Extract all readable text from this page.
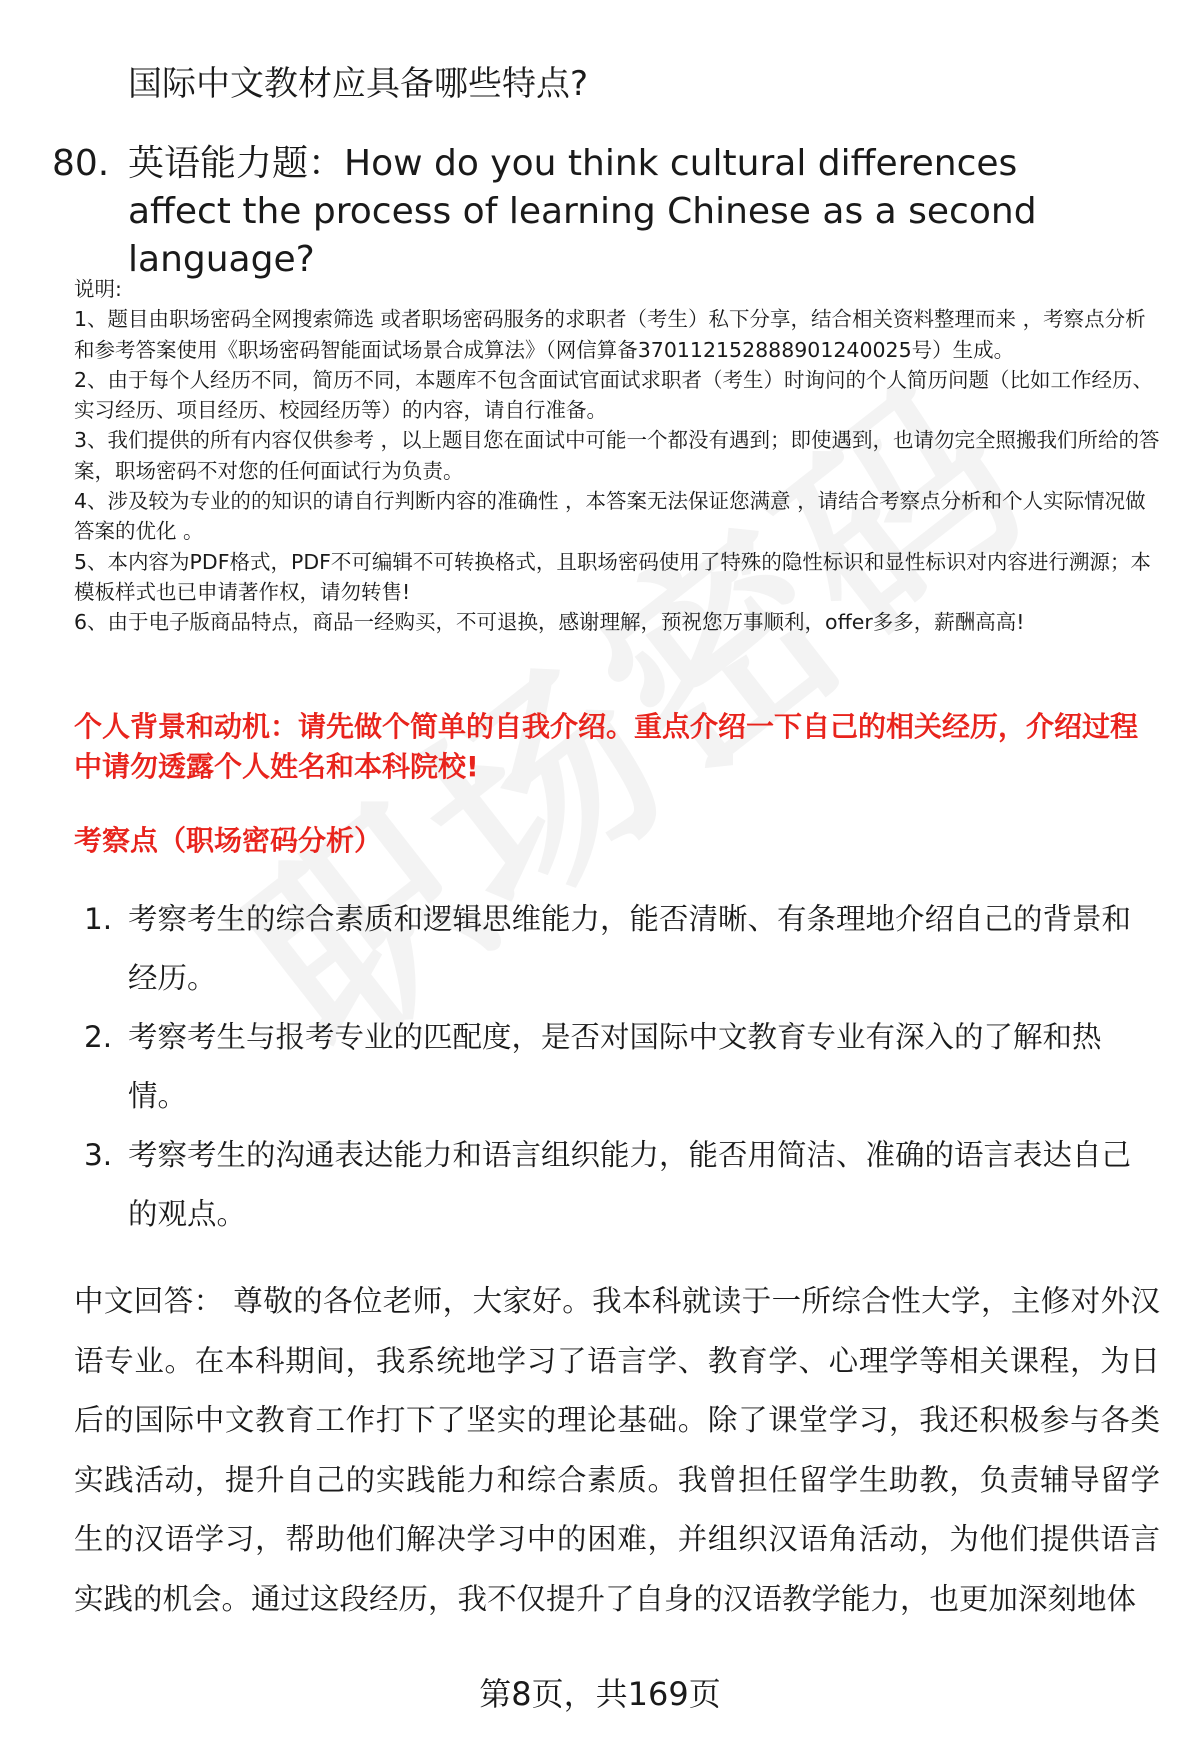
国际中文教材应具备哪些特点?

80. 英语能力题：How do you think cultural differences affect the process of learning Chinese as a second language?

说明:

1、题目由职场密码全网搜索筛选 或者职场密码服务的求职者（考生）私下分享，结合相关资料整理而来 ，考察点分析和参考答案使用《职场密码智能面试场景合成算法》（网信算备370112152888901240025号）生成。

2、由于每个人经历不同，简历不同，本题库不包含面试官面试求职者（考生）时询问的个人简历问题（比如工作经历、实习经历、项目经历、校园经历等）的内容，请自行准备。

3、我们提供的所有内容仅供参考 ，以上题目您在面试中可能一个都没有遇到；即使遇到，也请勿完全照搬我们所给的答案，职场密码不对您的任何面试行为负责。

4、涉及较为专业的的知识的请自行判断内容的准确性 ，本答案无法保证您满意 ，请结合考察点分析和个人实际情况做答案的优化 。

5、本内容为PDF格式，PDF不可编辑不可转换格式，且职场密码使用了特殊的隐性标识和显性标识对内容进行溯源；本模板样式也已申请著作权，请勿转售!

6、由于电子版商品特点，商品一经购买，不可退换，感谢理解，预祝您万事顺利，offer多多，薪酬高高!

个人背景和动机：请先做个简单的自我介绍。重点介绍一下自己的相关经历，介绍过程中请勿透露个人姓名和本科院校!

考察点（职场密码分析）

1. 考察考生的综合素质和逻辑思维能力，能否清晰、有条理地介绍自己的背景和经历。
2. 考察考生与报考专业的匹配度，是否对国际中文教育专业有深入的了解和热情。
3. 考察考生的沟通表达能力和语言组织能力，能否用简洁、准确的语言表达自己的观点。

中文回答： 尊敬的各位老师，大家好。我本科就读于一所综合性大学，主修对外汉语专业。在本科期间，我系统地学习了语言学、教育学、心理学等相关课程，为日后的国际中文教育工作打下了坚实的理论基础。除了课堂学习，我还积极参与各类实践活动，提升自己的实践能力和综合素质。我曾担任留学生助教，负责辅导留学生的汉语学习，帮助他们解决学习中的困难，并组织汉语角活动，为他们提供语言实践的机会。通过这段经历，我不仅提升了自身的汉语教学能力，也更加深刻地体

第8页，共169页
